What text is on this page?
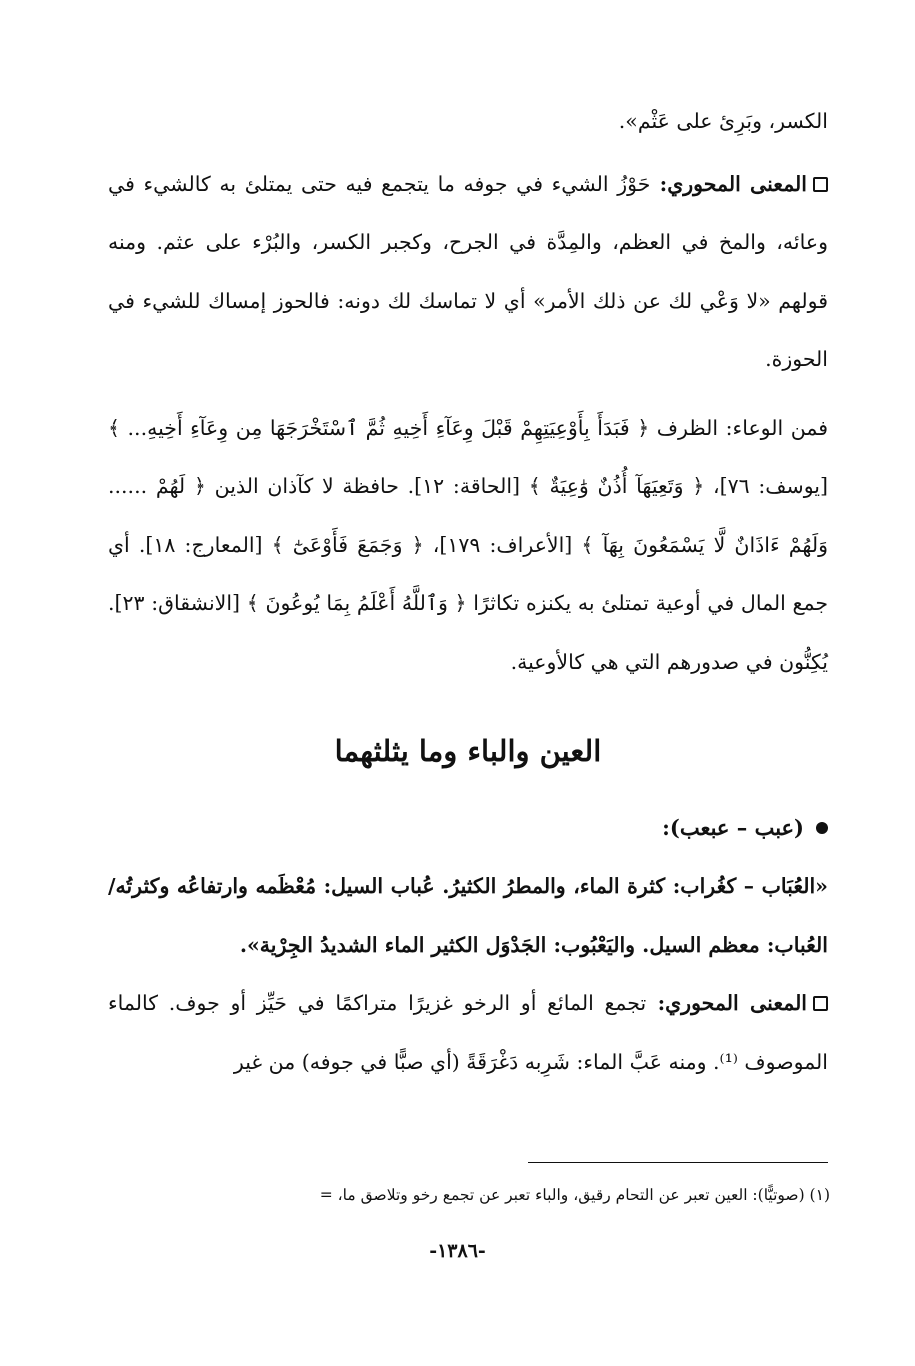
الكسر، وبَرِئ على عَثْم».

المعنى المحوري: حَوْزُ الشيء في جوفه ما يتجمع فيه حتى يمتلئ به كالشيء في وعائه، والمخ في العظم، والمِدَّة في الجرح، وكجبر الكسر، والبُرْء على عثم. ومنه قولهم «لا وَعْي لك عن ذلك الأمر» أي لا تماسك لك دونه: فالحوز إمساك للشيء في الحوزة.

فمن الوعاء: الظرف ﴿ فَبَدَأَ بِأَوْعِيَتِهِمْ قَبْلَ وِعَآءِ أَخِيهِ ثُمَّ ٱسْتَخْرَجَهَا مِن وِعَآءِ أَخِيهِ... ﴾ [يوسف: ٧٦]، ﴿ وَتَعِيَهَآ أُذُنٌ وَٰعِيَةٌ ﴾ [الحاقة: ١٢]. حافظة لا كآذان الذين ﴿ لَهُمْ ...... وَلَهُمْ ءَاذَانٌ لَّا يَسْمَعُونَ بِهَآ ﴾ [الأعراف: ١٧٩]، ﴿ وَجَمَعَ فَأَوْعَىٰٓ ﴾ [المعارج: ١٨]. أي جمع المال في أوعية تمتلئ به يكنزه تكاثرًا ﴿ وَٱللَّهُ أَعْلَمُ بِمَا يُوعُونَ ﴾ [الانشقاق: ٢٣]. يُكِنُّون في صدورهم التي هي كالأوعية.

العين والباء وما يثلثهما

(عبب – عبعب):

«العُبَاب – كغُراب: كثرة الماء، والمطرُ الكثيرُ. عُباب السيل: مُعْظَمه وارتفاعُه وكثرتُه/ العُباب: معظم السيل. واليَعْبُوب: الجَدْوَل الكثير الماء الشديدُ الجِرْية».

المعنى المحوري: تجمع المائع أو الرخو غزيرًا متراكمًا في حَيِّز أو جوف. كالماء الموصوف ⁽¹⁾. ومنه عَبَّ الماء: شَرِبه دَغْرَقَةً (أي صبًّا في جوفه) من غير

(١) (صوتيًّا): العين تعبر عن التحام رقيق، والباء تعبر عن تجمع رخو وتلاصق ما، =
-١٣٨٦-
